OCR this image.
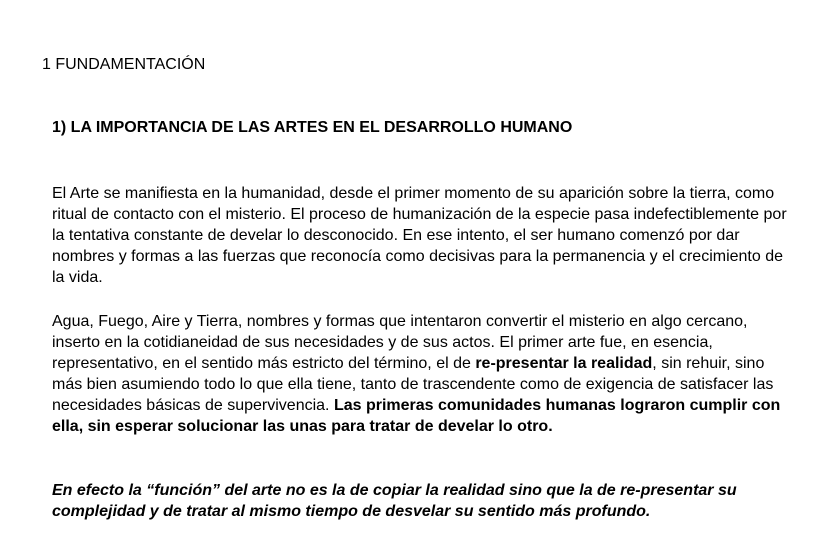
1 FUNDAMENTACIÓN

1) LA IMPORTANCIA DE LAS ARTES EN EL DESARROLLO HUMANO

El Arte se manifiesta en la humanidad, desde el primer momento de su aparición sobre la tierra, como ritual de contacto con el misterio. El proceso de humanización de la especie pasa indefectiblemente por la tentativa constante de develar lo desconocido. En ese intento, el ser humano comenzó por dar nombres y formas a las fuerzas que reconocía como decisivas para la permanencia y el crecimiento de la vida.

Agua, Fuego, Aire y Tierra, nombres y formas que intentaron convertir el misterio en algo cercano, inserto en la cotidianeidad de sus necesidades y de sus actos. El primer arte fue, en esencia, representativo, en el sentido más estricto del término, el de re-presentar la realidad, sin rehuir, sino más bien asumiendo todo lo que ella tiene, tanto de trascendente como de exigencia de satisfacer las necesidades básicas de supervivencia. Las primeras comunidades humanas lograron cumplir con ella, sin esperar solucionar las unas para tratar de develar lo otro.

En efecto la “función” del arte no es la de copiar la realidad sino que la de re-presentar su complejidad y de tratar al mismo tiempo de desvelar su sentido más profundo.
